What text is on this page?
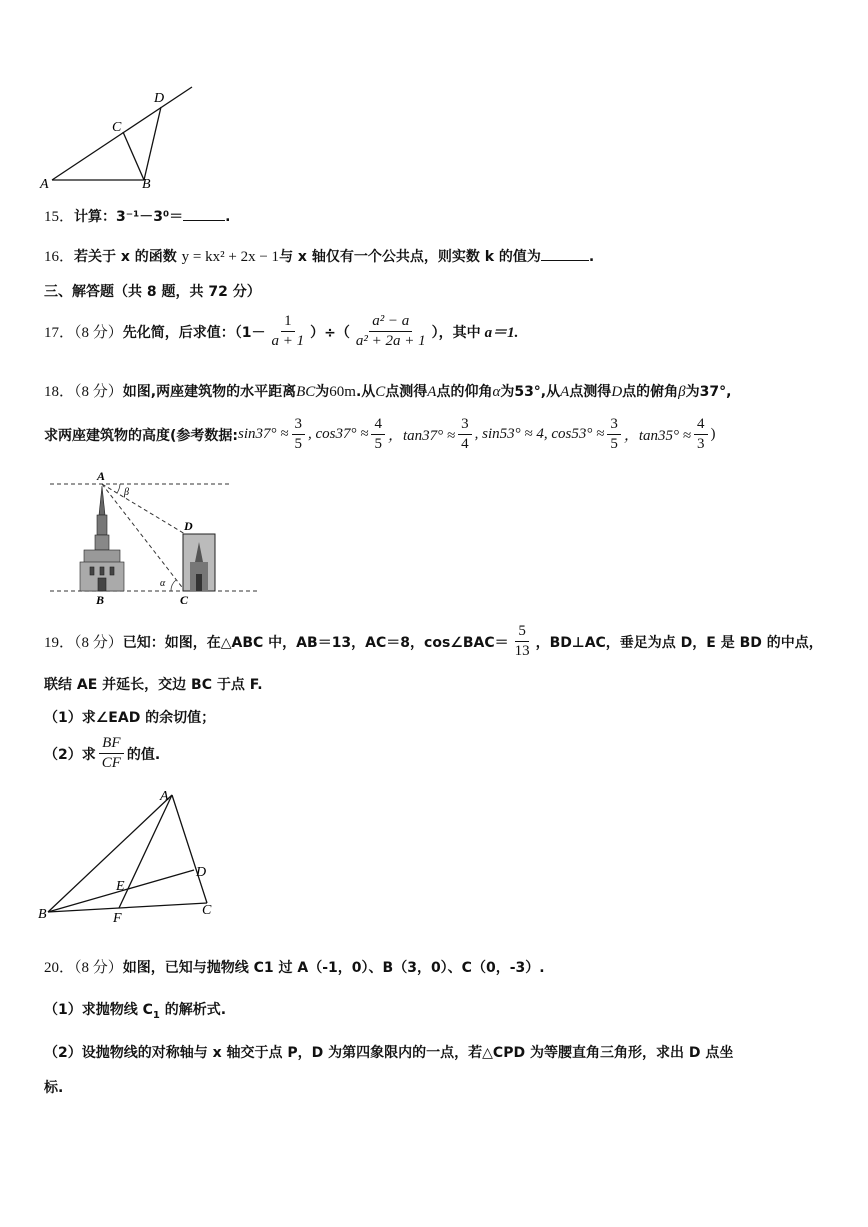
A	B
C
D
15．计算：3⁻¹－3⁰＝	.
16．若关于 x 的函数 y = kx² + 2x − 1与 x 轴仅有一个公共点，则实数 k 的值为	.
三、解答题（共 8 题，共 72 分）
17．（8 分） 先化简，后求值：（$1- \frac{1}{a + 1}$ ）÷（ $\frac{\text{a² − a}}{\text{a² + 2a + 1}}$ ），其中 a＝1.
18．（8 分）如图,两座建筑物的水平距离BC为60m.从C点测得A点的仰角α为53°,从A点测得D点的俯角β为37°,
求两座建筑物的高度(参考数据: $\sin 37^\circ \approx \frac{3}{5}$ , $\cos 37^\circ \approx \frac{4}{5}$ ，$\tan 37^\circ \approx \frac{3}{4}$ , sin53° ≈ 4, $\cos 53^\circ \approx \frac{3}{5}$ ，$\tan 35^\circ \approx \frac{4}{3}$ )
A
B	C
D
α
β
19．（8 分） 已知：如图，在△ABC 中，AB＝13，AC＝8，cos∠BAC＝ $\frac{5}{13}$ ，BD⊥AC，垂足为点 D，E 是 BD 的中点，
联结 AE 并延长，交边 BC 于点 F.
（1）求∠EAD 的余切值；
（2）求 $\frac{BF}{CF}$ 的值.
A
B	C
D
E
F
20．（8 分）如图，已知与抛物线 C1 过 A（-1，0）、B（3，0）、C（0，-3）.
（1）求抛物线 $C_1$ 的解析式.
（2）设抛物线的对称轴与 x 轴交于点 P，D 为第四象限内的一点，若△CPD 为等腰直角三角形，求出 D 点坐
标.
